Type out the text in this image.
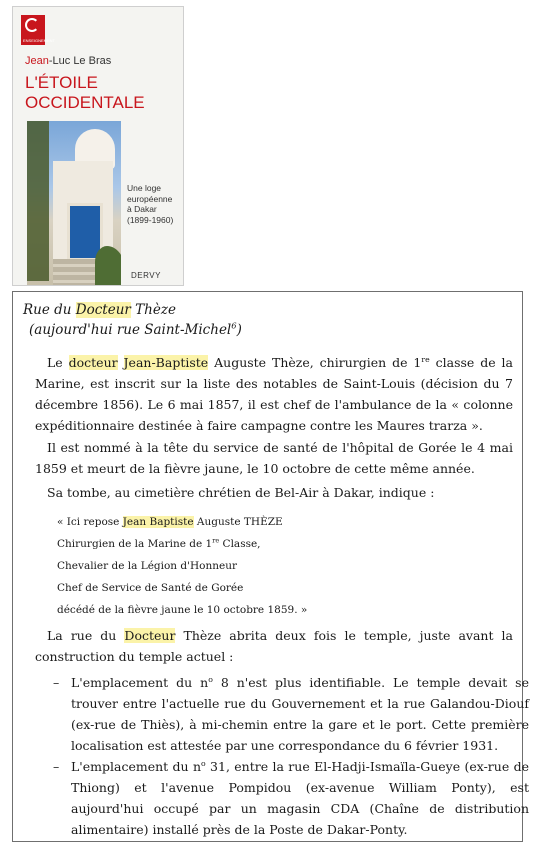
ENSEIGNEMENT
Jean-Luc Le Bras
L'ÉTOILE
OCCIDENTALE
Une loge
européenne
à Dakar
(1899-1960)
DERVY
Rue du Docteur Thèze
(aujourd'hui rue Saint-Michel$^6$)

Le docteur Jean-Baptiste Auguste Thèze, chirurgien de 1re classe de la Marine, est inscrit sur la liste des notables de Saint-Louis (décision du 7 décembre 1856). Le 6 mai 1857, il est chef de l'ambulance de la « colonne expéditionnaire destinée à faire campagne contre les Maures trarza ».

Il est nommé à la tête du service de santé de l'hôpital de Gorée le 4 mai 1859 et meurt de la fièvre jaune, le 10 octobre de cette même année.

Sa tombe, au cimetière chrétien de Bel-Air à Dakar, indique :

« Ici repose Jean Baptiste Auguste THÈZE
Chirurgien de la Marine de 1re Classe,
Chevalier de la Légion d'Honneur
Chef de Service de Santé de Gorée
décédé de la fièvre jaune le 10 octobre 1859. »

La rue du Docteur Thèze abrita deux fois le temple, juste avant la construction du temple actuel :

– L'emplacement du $n^o$ 8 n'est plus identifiable. Le temple devait se trouver entre l'actuelle rue du Gouvernement et la rue Galandou-Diouf (ex-rue de Thiès), à mi-chemin entre la gare et le port. Cette première localisation est attestée par une correspondance du 6 février 1931.
– L'emplacement du $n^o$ 31, entre la rue El-Hadji-Ismaïla-Gueye (ex-rue de Thiong) et l'avenue Pompidou (ex-avenue William Ponty), est aujourd'hui occupé par un magasin CDA (Chaîne de distribution alimentaire) installé près de la Poste de Dakar-Ponty.
